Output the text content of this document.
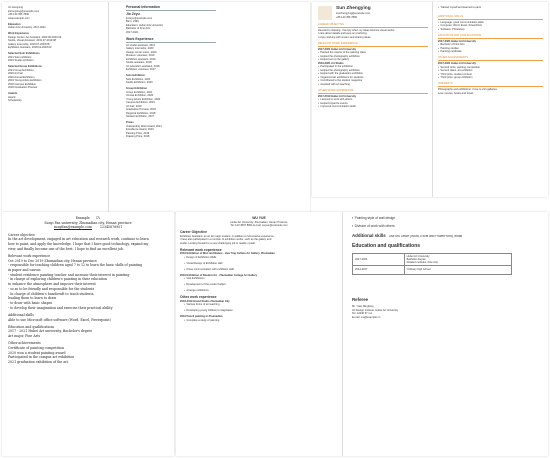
Jin Hongxing
jinhongxing@example.com
+86 123 456 7890
www.example.com
Education
Hubei Arts University, 2017-2021
Work Experience
Design Center, Art Assistant, 2020.06-2020.09
Studio, Visual Assistant, 2019.07-2019.08
Gallery Internship, 2018.07-2018.08
Exhibition Assistant, 2018.01-2018.02
Selected Solo Exhibitions
2021 Solo exhibition
2019 Studio exhibition
Selected Group Exhibitions
2021 Group Exhibition
2020 Art Fair
2020 Annual Exhibition
2019 Young Artists Exhibition
2018 Campus Exhibition
2018 Graduation Preview
Awards
Award
Scholarship
Personal information
Jin Zeyu
jinzeyu@example.com
Born: 1999
Education: Hubei Arts University
Bachelor of Fine Arts
2017-2021
Work Experience
Art studio assistant, 2021
Gallery internship, 2020
Design center intern, 2020
Museum volunteer, 2019
Exhibition assistant, 2019
Studio assistant, 2018
Art education assistant, 2018
Exhibition volunteer, 2017
Solo Exhibition
Solo Exhibition, 2021
Studio Exhibition, 2020
Group Exhibition
Group Exhibition, 2021
Annual Exhibition, 2020
Young Artists Exhibition, 2020
Campus Exhibition, 2019
Art Fair, 2019
Graduation Preview, 2018
Regional Exhibition, 2018
Student Exhibition, 2017
Prizes
Outstanding Work Award, 2021
Excellence Award, 2020
Painting Prize, 2019
Drawing Prize, 2018
Sun Zhengying
sunzhengying@example.com
+86 123 456 7890
CAREER OBJECTIVE
Devoted to drawing. I feel joy when my ideas become visual works.
I care about details and keep on practicing.
I enjoy working with a team and sharing ideas.
RELEVANT WORK EXPERIENCE
2017-2021 Hubei Art University
▪ Painted the interior of the painting class
▪ Helped the photography exhibition
▪ Helped set up the gallery
2019-2021 Art Studio
▪ Participated in the exhibition
▪ Helped the photography exhibition
▪ Helped with the graduation exhibition
▪ Organized art exhibitions for students
▪ Contributed to the student magazine
▪ Assisted with art teaching
OTHER WORK EXPERIENCE
2017-2019 Hubei Art University
▪ Learned to work with others
▪ Helped organize events
▪ Improved communication skills
▪ Trained myself and learned to paint
ADDITIONAL SKILLS
▪ Language: good communication skills
▪ Computer: Word, Excel, PowerPoint
▪ Software: Photoshop
EDUCATION AND QUALIFICATIONS
2017-2021 Hubei Art University
▪ Bachelor of Fine Arts
▪ Painting studies
▪ Painting certificate
OTHER ACHIEVEMENTS
2017-2021 Hubei Art University
▪ Second prize, painting competition
▪ Second place, art exhibition
▪ Third prize, student contest
▪ Third prize, group exhibition
INTERESTS
Photography and exhibitions. I love to visit galleries.
Love movies, books and travel.
Example CV
Sunyi Fan university, Zhumadian city, Henan province
sunyifan@example.com	12345678901
Career objective
In the art development, engaged in art education and research work, continue to learn
how to paint, and apply the knowledge. I hope that I have good technology, expand my
view, and finally become one of the best. I hope to find an excellent job.
Relevant work experience
Oct 2019 to Dec 2019 Zhumadian city, Henan province
- responsible for teaching children aged 7 to 12 to learn the basic skills of painting
in paper and canvas
- student residence painting teacher and increase their interest in painting
- in charge of exploring children's painting in their education
to enhance the atmosphere and improve their interest
- so as to be friendly and responsible for the students
- In charge of children's handicraft to teach students,
leading them to learn to draw
- to draw with basic shapes
- to develop their imagination and exercise their practical ability
Additional skills
Able to use Microsoft office software (Word, Excel, Powerpoint)
Education and qualifications
2017 - 2021 Hubei Art university, Bachelor's degree
Art major, Fine Arts
Other achievements
Certificate of painting competition
2020 won a student painting award
Participated in the campus art exhibition
2021 graduation exhibition of the art
WU YUE
Hubei Art University, Zhumadian, Henan Province
Tel: 123 4567 8901 E-mail: wuyue@example.com
Career Objective
Exhibition Assistant, as an art major student, in addition to full creative experience,
I have also participated in a number of exhibition works, such as the gallery and
studio. Looking forward to a new challenging job to realize myself.
Relevant work experience
2019 Exhibition of Wen and Nature - Hua Ying Culture Art Gallery, Zhumadian
▪ Design of Exhibition Walls
▪ Visual Design of Exhibition Hall
▪ Close communication with exhibition staff
2019 Exhibition of Student Art - Zhumadian College Art Gallery
▪ Visit Exhibitions
▪ Development of the poster budget
▪ Arrange exhibitions
Other work experience
2018-2019 Grand Studio Zhumadian City
▪ Various forms of art teaching
▪ Developing young children's imagination
2019 Pencil painting in Zhumadian
▪ Complete a study of painting
▪ Painting style of wall design
▪ Division of work with others
Additional skills Use MS Office (Word, Excel and PowerPoint), email
Education and qualifications
2017-2021	Hubei Art University
Bachelor degree
Related modules: Fine Arts

2014-2017	Ordinary high school
Referee
Mr. Yuan Mingfang
Art Design Institute, Hubei Art University
Tel: 12345 67 xxx
E-mail: ma@example.cn
